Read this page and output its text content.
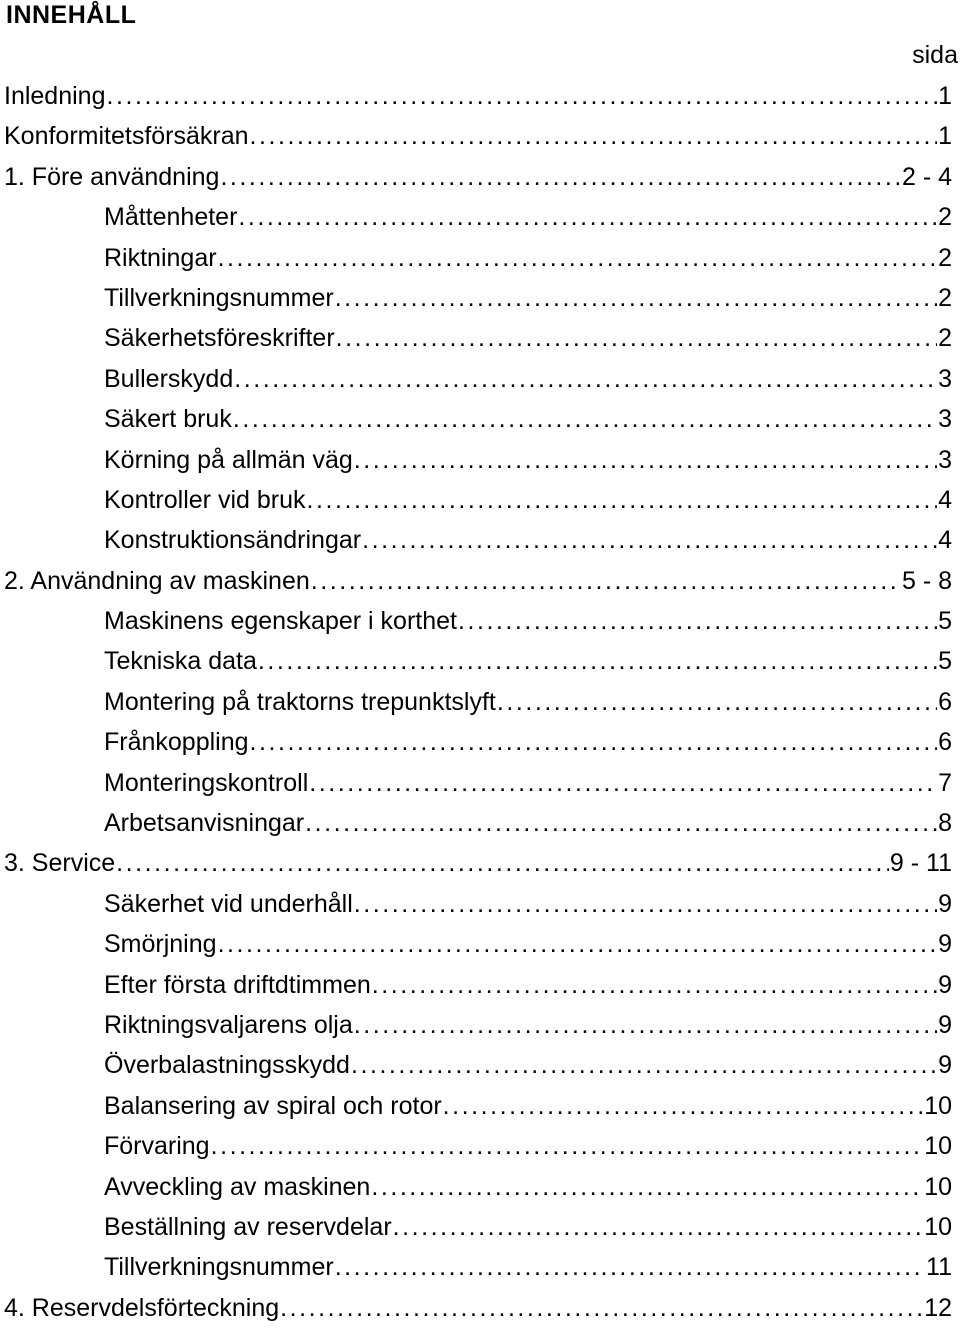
INNEHÅLL
sida
Inledning . . .	1
Konformitetsförsäkran . . .	1
1. Före användning . . .	2 - 4
Måttenheter . . .	2
Riktningar . . .	2
Tillverkningsnummer . . .	2
Säkerhetsföreskrifter . . .	2
Bullerskydd . . .	3
Säkert bruk . . .	3
Körning på allmän väg . . .	3
Kontroller vid bruk . . .	4
Konstruktionsändringar . . .	4
2. Användning av maskinen . . .	5 - 8
Maskinens egenskaper i korthet . . .	5
Tekniska data . . .	5
Montering på traktorns trepunktslyft . . .	6
Frånkoppling . . .	6
Monteringskontroll . . .	7
Arbetsanvisningar . . .	8
3. Service . . .	9 - 11
Säkerhet vid underhåll . . .	9
Smörjning . . .	9
Efter första driftdtimmen . . .	9
Riktningsvaljarens olja . . .	9
Överbalastningsskydd . . .	9
Balansering av spiral och rotor . . .	10
Förvaring . . .	10
Avveckling av maskinen . . .	10
Beställning av reservdelar . . .	10
Tillverkningsnummer . . .	11
4. Reservdelsförteckning . . .	12
